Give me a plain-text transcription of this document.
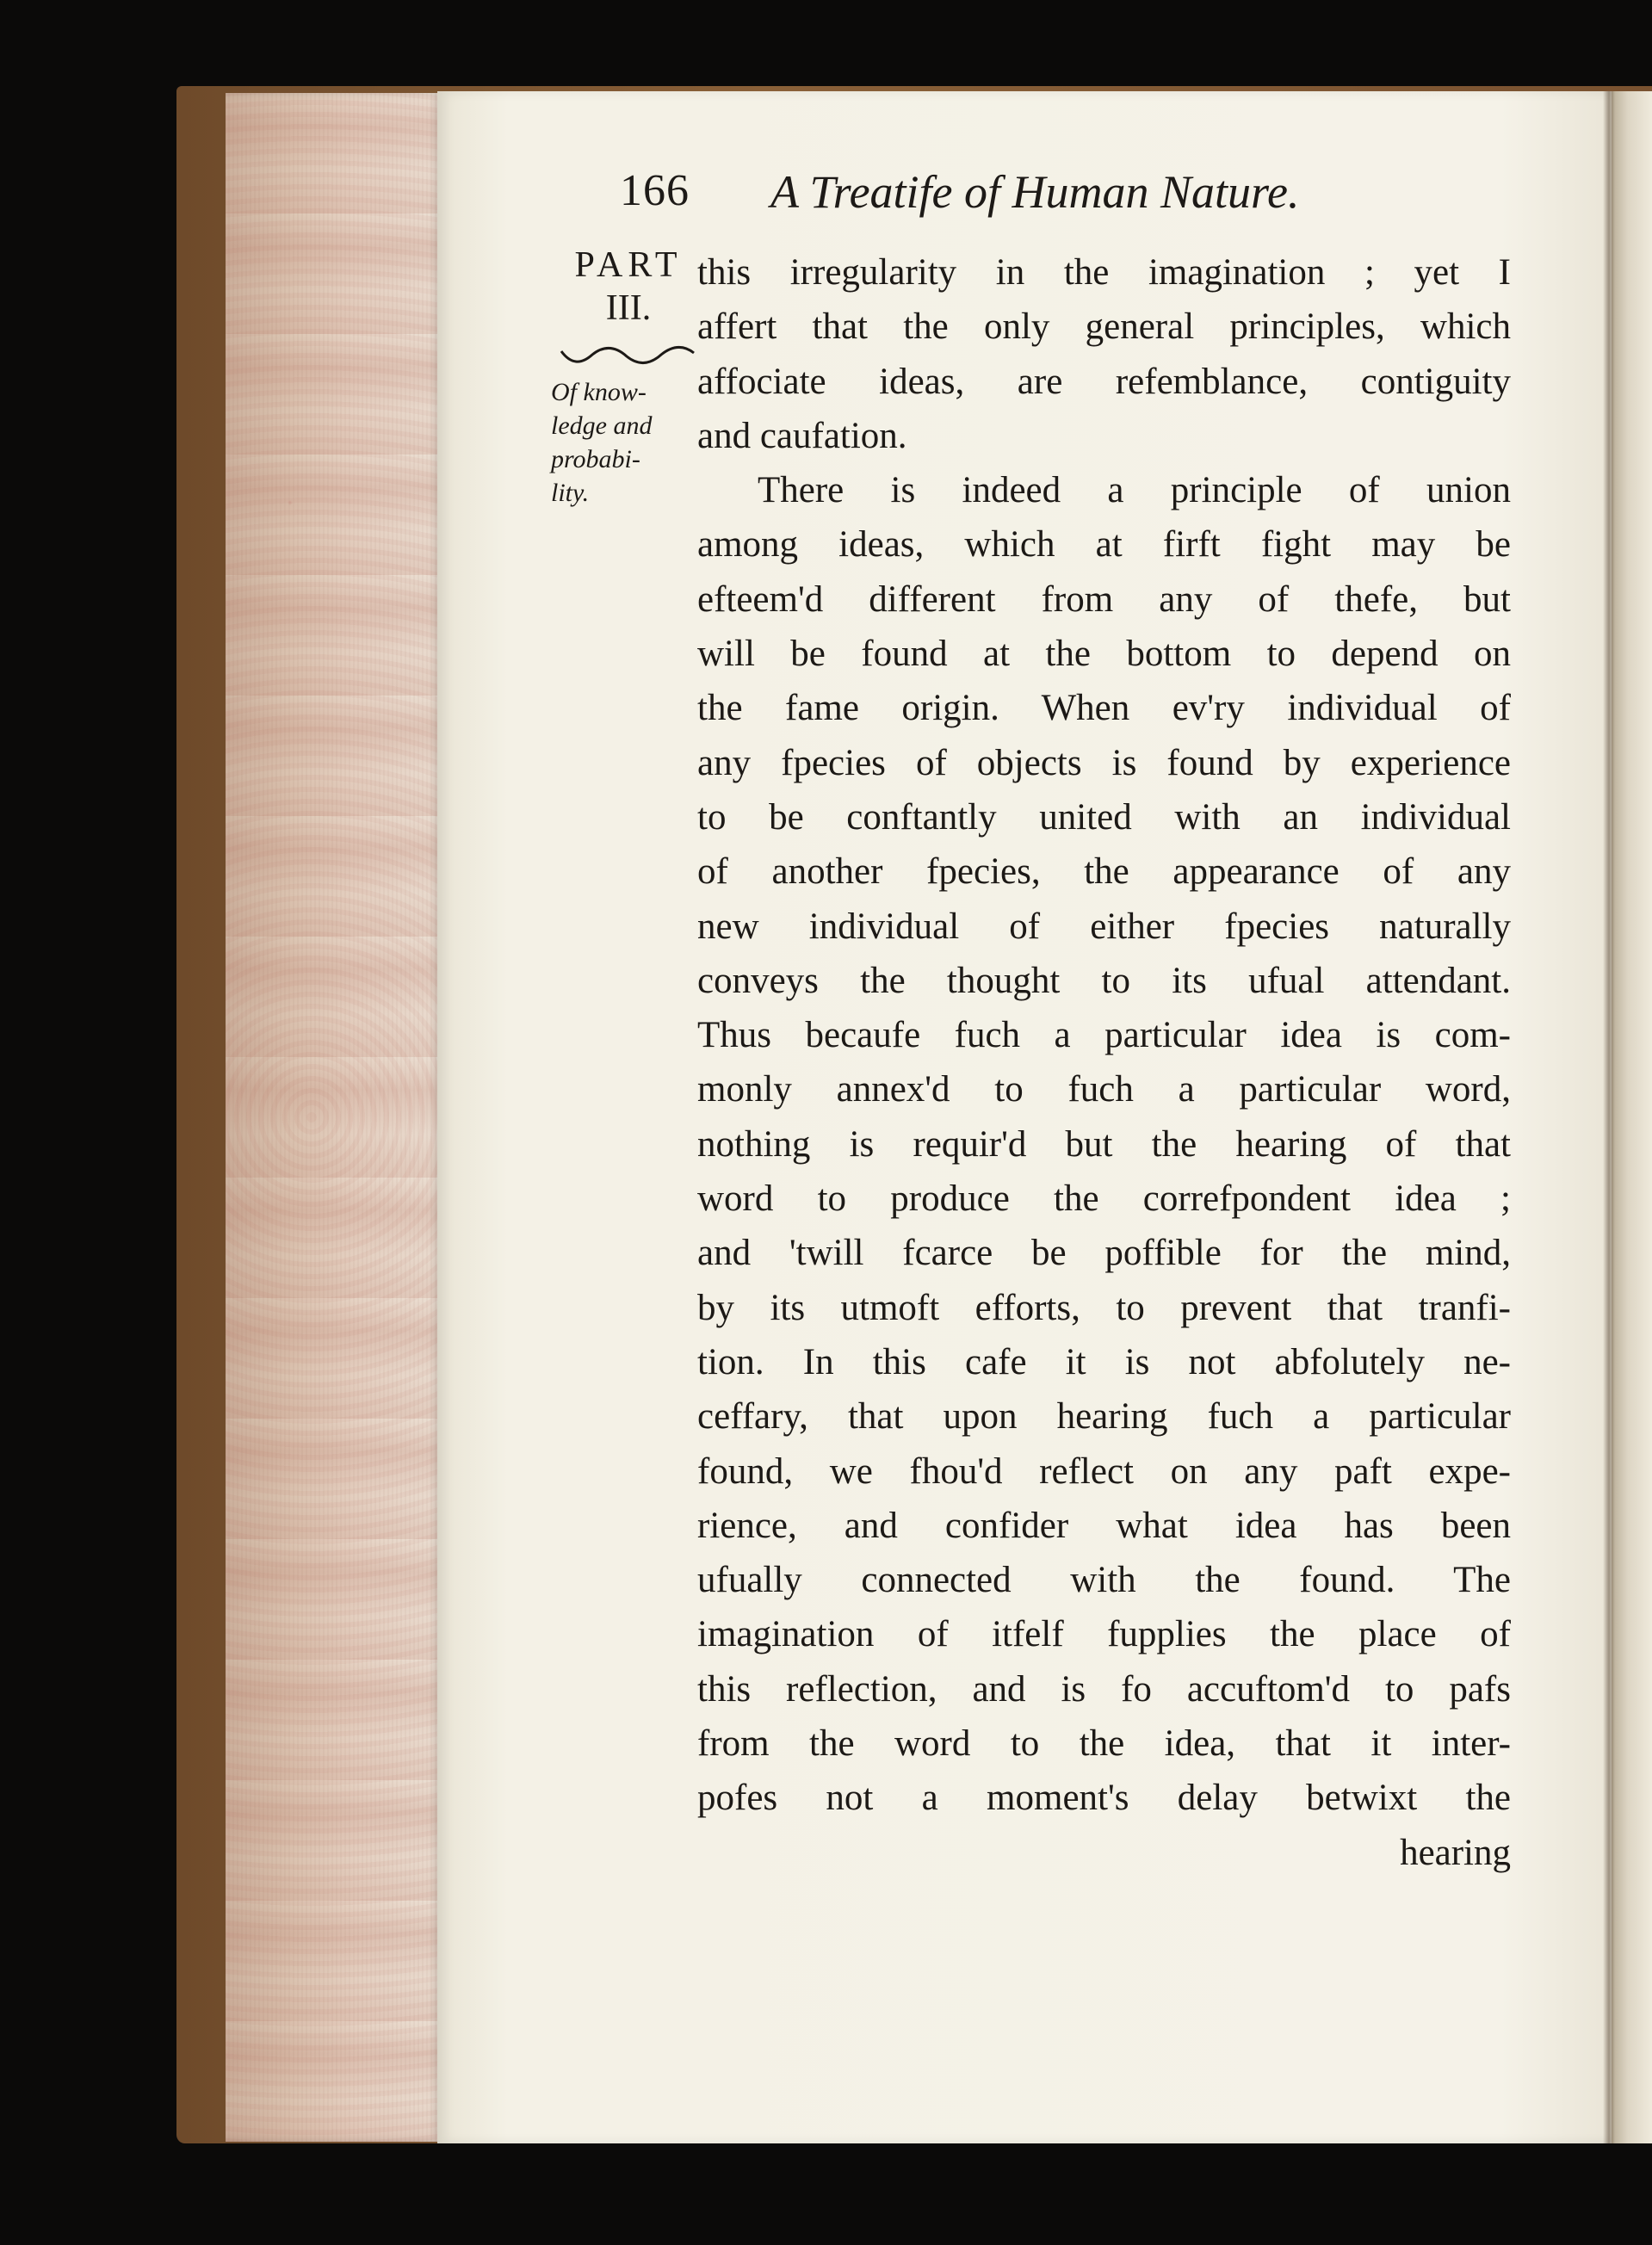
166 A Treatife of Human Nature.
PART
III.
Of know-
ledge and
probabi-
lity.
this irregularity in the imagination ; yet I
affert that the only general principles, which
affociate ideas, are refemblance, contiguity
and caufation.
There is indeed a principle of union
among ideas, which at firft fight may be
efteem'd different from any of thefe, but
will be found at the bottom to depend on
the fame origin. When ev'ry individual of
any fpecies of objects is found by experience
to be conftantly united with an individual
of another fpecies, the appearance of any
new individual of either fpecies naturally
conveys the thought to its ufual attendant.
Thus becaufe fuch a particular idea is com-
monly annex'd to fuch a particular word,
nothing is requir'd but the hearing of that
word to produce the correfpondent idea ;
and 'twill fcarce be poffible for the mind,
by its utmoft efforts, to prevent that tranfi-
tion. In this cafe it is not abfolutely ne-
ceffary, that upon hearing fuch a particular
found, we fhou'd reflect on any paft expe-
rience, and confider what idea has been
ufually connected with the found. The
imagination of itfelf fupplies the place of
this reflection, and is fo accuftom'd to pafs
from the word to the idea, that it inter-
pofes not a moment's delay betwixt the
hearing
